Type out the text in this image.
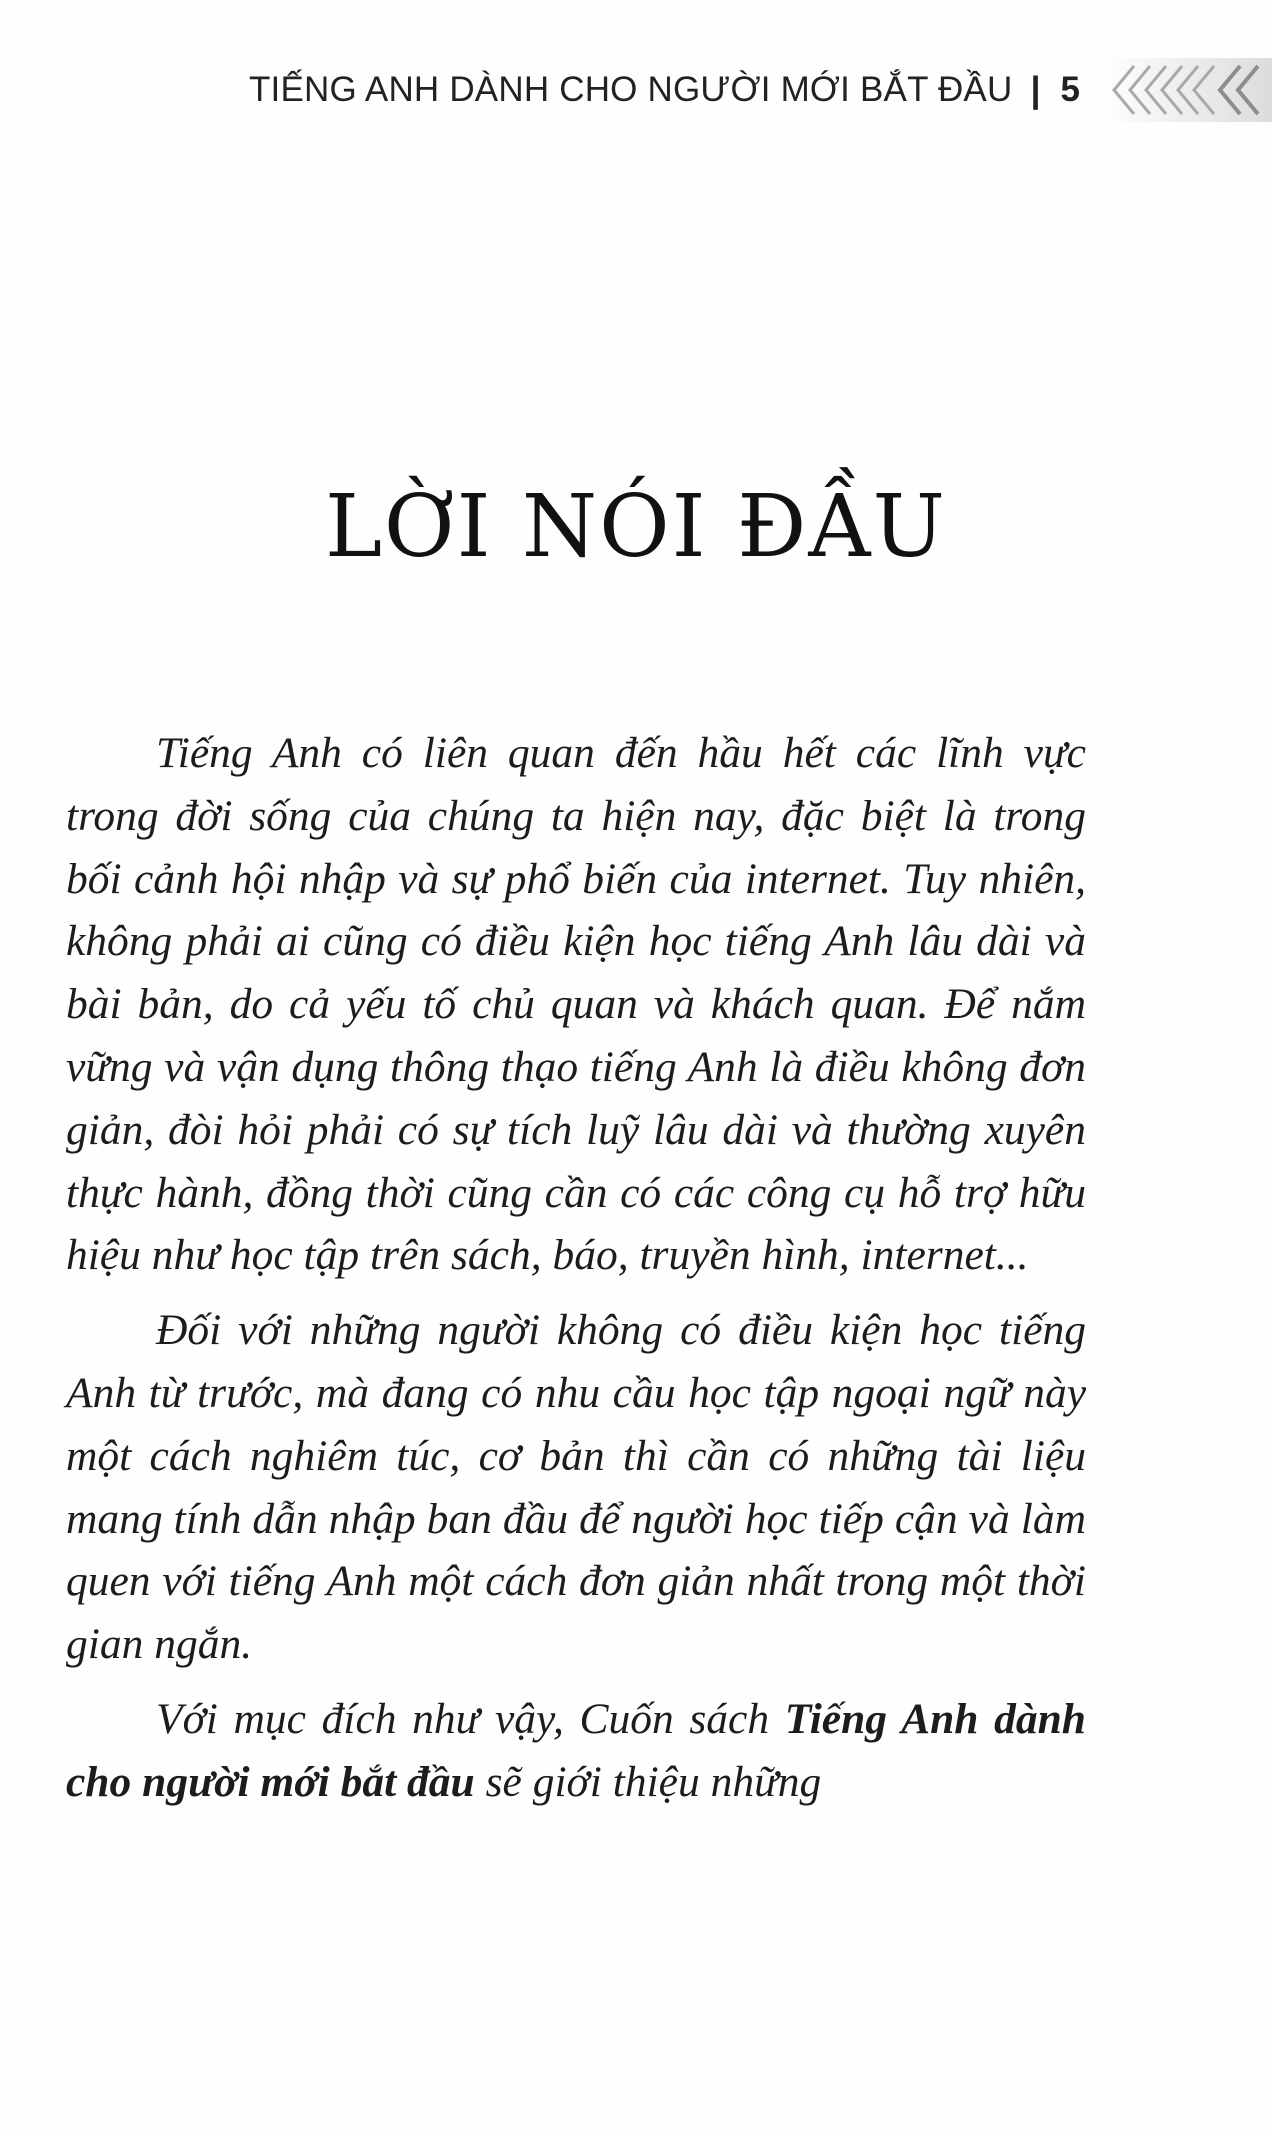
TIẾNG ANH DÀNH CHO NGƯỜI MỚI BẮT ĐẦU | 5
LỜI NÓI ĐẦU

Tiếng Anh có liên quan đến hầu hết các lĩnh vực trong đời sống của chúng ta hiện nay, đặc biệt là trong bối cảnh hội nhập và sự phổ biến của internet. Tuy nhiên, không phải ai cũng có điều kiện học tiếng Anh lâu dài và bài bản, do cả yếu tố chủ quan và khách quan. Để nắm vững và vận dụng thông thạo tiếng Anh là điều không đơn giản, đòi hỏi phải có sự tích luỹ lâu dài và thường xuyên thực hành, đồng thời cũng cần có các công cụ hỗ trợ hữu hiệu như học tập trên sách, báo, truyền hình, internet...

Đối với những người không có điều kiện học tiếng Anh từ trước, mà đang có nhu cầu học tập ngoại ngữ này một cách nghiêm túc, cơ bản thì cần có những tài liệu mang tính dẫn nhập ban đầu để người học tiếp cận và làm quen với tiếng Anh một cách đơn giản nhất trong một thời gian ngắn.

Với mục đích như vậy, Cuốn sách Tiếng Anh dành cho người mới bắt đầu sẽ giới thiệu những
